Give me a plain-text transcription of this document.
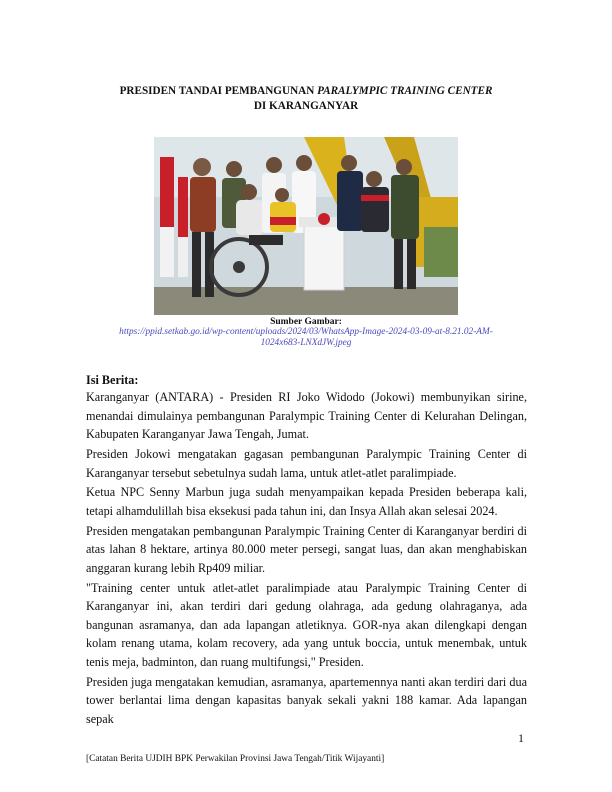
PRESIDEN TANDAI PEMBANGUNAN PARALYMPIC TRAINING CENTER
DI KARANGANYAR
Sumber Gambar:
https://ppid.setkab.go.id/wp-content/uploads/2024/03/WhatsApp-Image-2024-03-09-at-8.21.02-AM-1024x683-LNXdJW.jpeg
Isi Berita:

Karanganyar (ANTARA) - Presiden RI Joko Widodo (Jokowi) membunyikan sirine, menandai dimulainya pembangunan Paralympic Training Center di Kelurahan Delingan, Kabupaten Karanganyar Jawa Tengah, Jumat.

Presiden Jokowi mengatakan gagasan pembangunan Paralympic Training Center di Karanganyar tersebut sebetulnya sudah lama, untuk atlet-atlet paralimpiade.

Ketua NPC Senny Marbun juga sudah menyampaikan kepada Presiden beberapa kali, tetapi alhamdulillah bisa eksekusi pada tahun ini, dan Insya Allah akan selesai 2024.

Presiden mengatakan pembangunan Paralympic Training Center di Karanganyar berdiri di atas lahan 8 hektare, artinya 80.000 meter persegi, sangat luas, dan akan menghabiskan anggaran kurang lebih Rp409 miliar.

"Training center untuk atlet-atlet paralimpiade atau Paralympic Training Center di Karanganyar ini, akan terdiri dari gedung olahraga, ada gedung olahraganya, ada bangunan asramanya, dan ada lapangan atletiknya. GOR-nya akan dilengkapi dengan kolam renang utama, kolam recovery, ada yang untuk boccia, untuk menembak, untuk tenis meja, badminton, dan ruang multifungsi," Presiden.

Presiden juga mengatakan kemudian, asramanya, apartemennya nanti akan terdiri dari dua tower berlantai lima dengan kapasitas banyak sekali yakni 188 kamar. Ada lapangan sepak

1
[Catatan Berita UJDIH BPK Perwakilan Provinsi Jawa Tengah/Titik Wijayanti]
